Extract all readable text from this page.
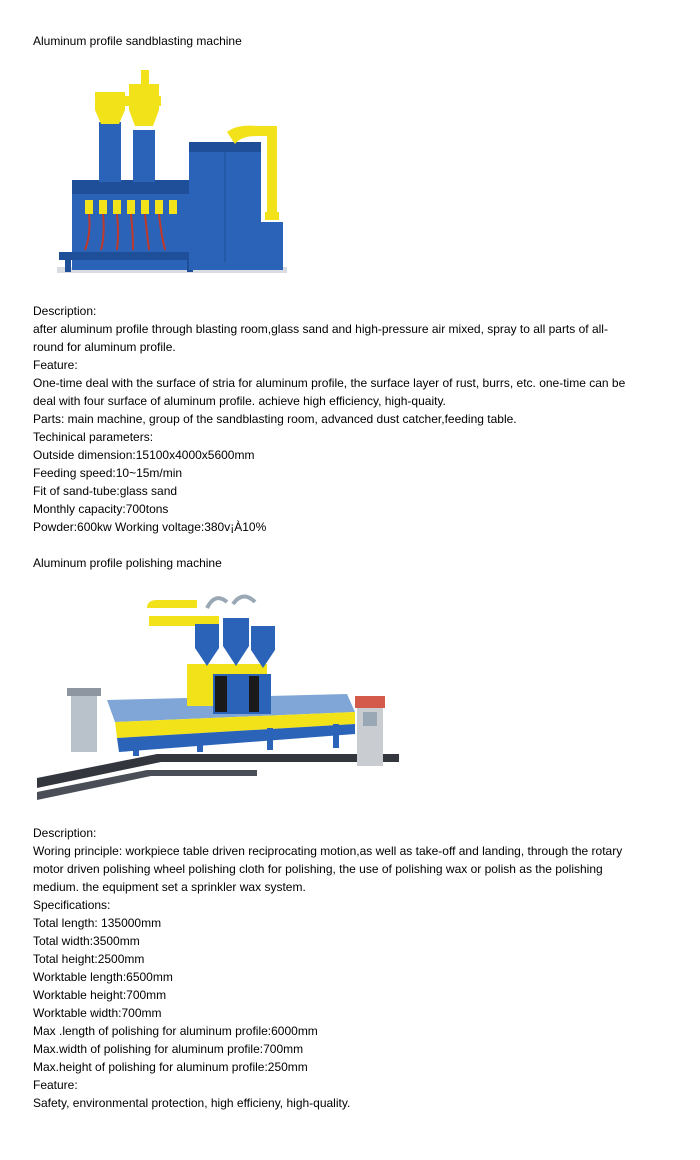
Aluminum profile sandblasting machine

Description:

after aluminum profile through blasting room,glass sand and high-pressure air mixed, spray to all parts of all-round for aluminum profile.

Feature:

One-time deal with the surface of stria for aluminum profile, the surface layer of rust, burrs, etc. one-time can be deal with four surface of aluminum profile. achieve high efficiency, high-quaity.

Parts: main machine, group of the sandblasting room, advanced dust catcher,feeding table.

Techinical parameters:

Outside dimension:15100x4000x5600mm

Feeding speed:10~15m/min

Fit of sand-tube:glass sand

Monthly capacity:700tons

Powder:600kw Working voltage:380v¡À10%

Aluminum profile polishing machine

Description:

Woring principle: workpiece table driven reciprocating motion,as well as take-off and landing, through the rotary motor driven polishing wheel polishing cloth for polishing, the use of polishing wax or polish as the polishing medium. the equipment set a sprinkler wax system.

Specifications:

Total length: 135000mm

Total width:3500mm

Total height:2500mm

Worktable length:6500mm

Worktable height:700mm

Worktable width:700mm

Max .length of polishing for aluminum profile:6000mm

Max.width of polishing for aluminum profile:700mm

Max.height of polishing for aluminum profile:250mm

Feature:

Safety, environmental protection, high efficieny, high-quality.
